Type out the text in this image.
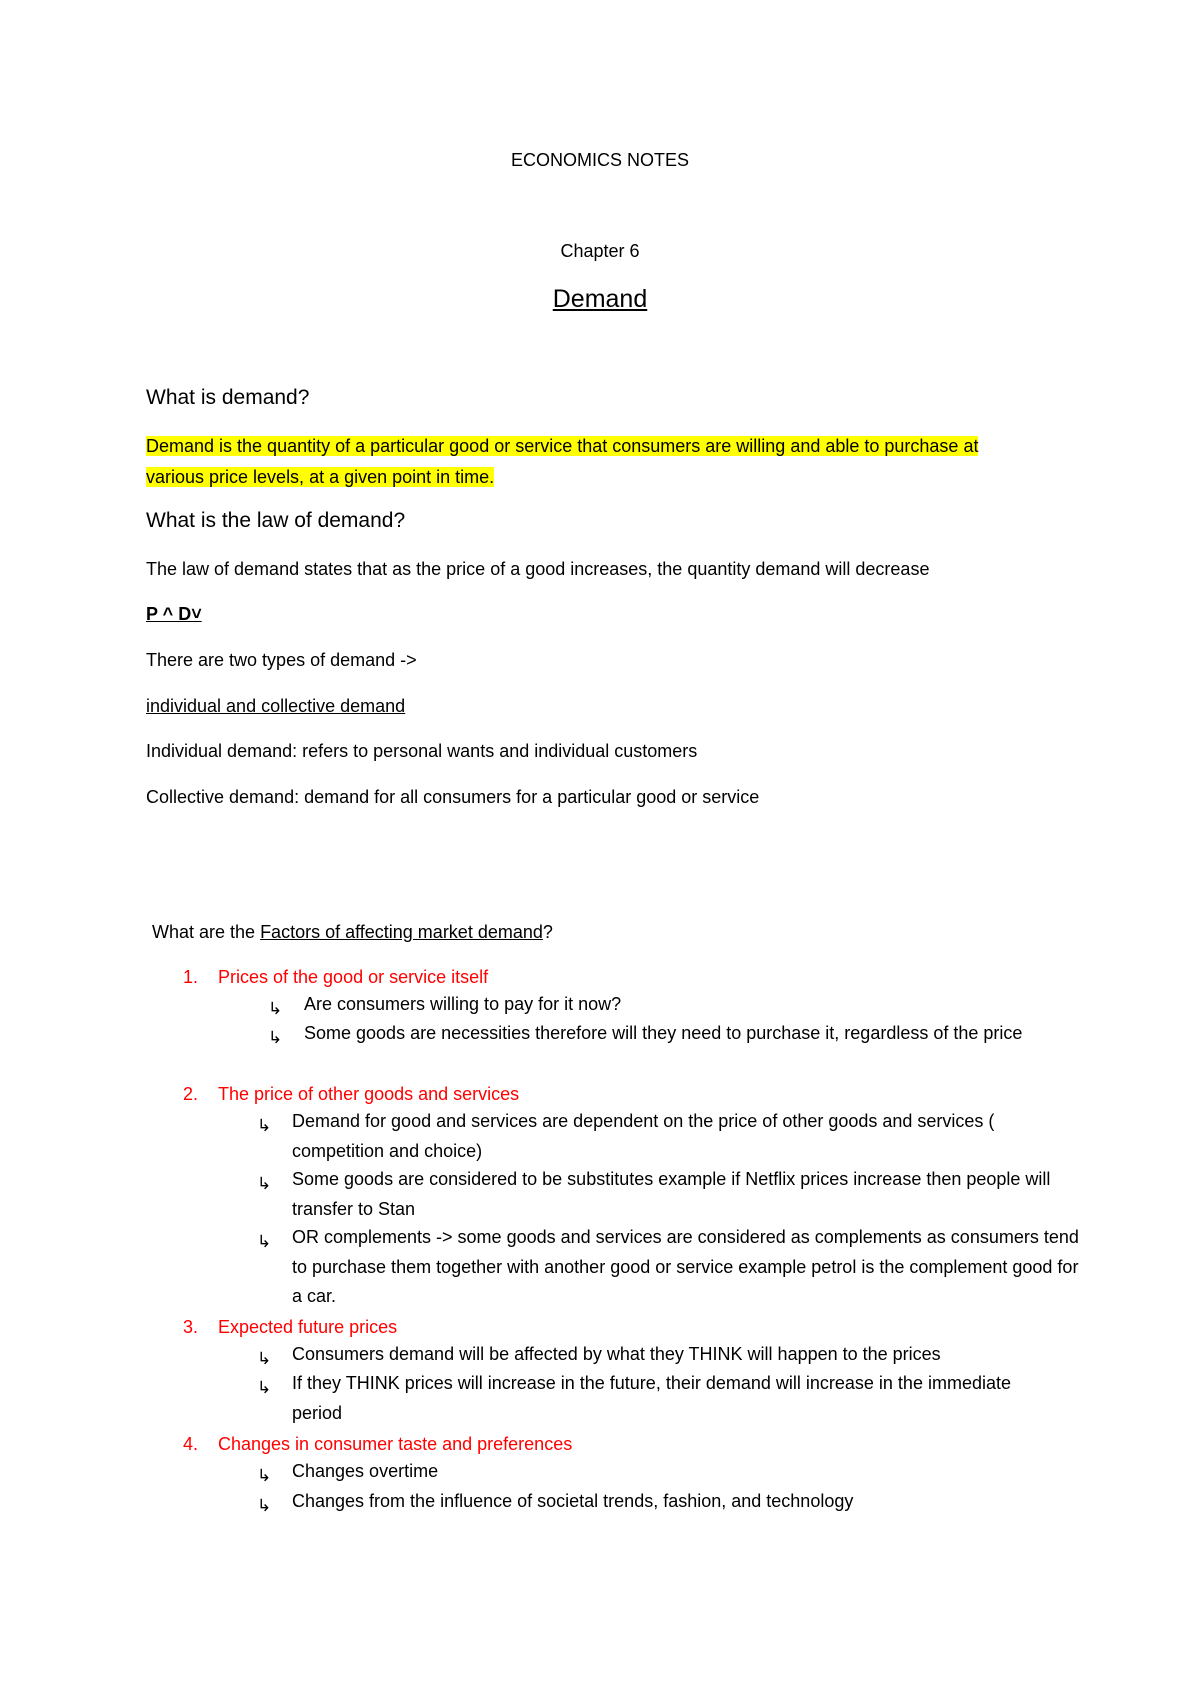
ECONOMICS NOTES
Chapter 6
Demand
What is demand?
Demand is the quantity of a particular good or service that consumers are willing and able to purchase at various price levels, at a given point in time.
What is the law of demand?
The law of demand states that as the price of a good increases, the quantity demand will decrease
P ^ D˅
There are two types of demand ->
individual and collective demand
Individual demand: refers to personal wants and individual customers
Collective demand: demand for all consumers for a particular good or service
What are the Factors of affecting market demand?
1. Prices of the good or service itself
↳ Are consumers willing to pay for it now?
↳ Some goods are necessities therefore will they need to purchase it, regardless of the price
2. The price of other goods and services
↳ Demand for good and services are dependent on the price of other goods and services ( competition and choice)
↳ Some goods are considered to be substitutes example if Netflix prices increase then people will transfer to Stan
↳ OR complements -> some goods and services are considered as complements as consumers tend to purchase them together with another good or service example petrol is the complement good for a car.
3. Expected future prices
↳ Consumers demand will be affected by what they THINK will happen to the prices
↳ If they THINK prices will increase in the future, their demand will increase in the immediate period
4. Changes in consumer taste and preferences
↳ Changes overtime
↳ Changes from the influence of societal trends, fashion, and technology
